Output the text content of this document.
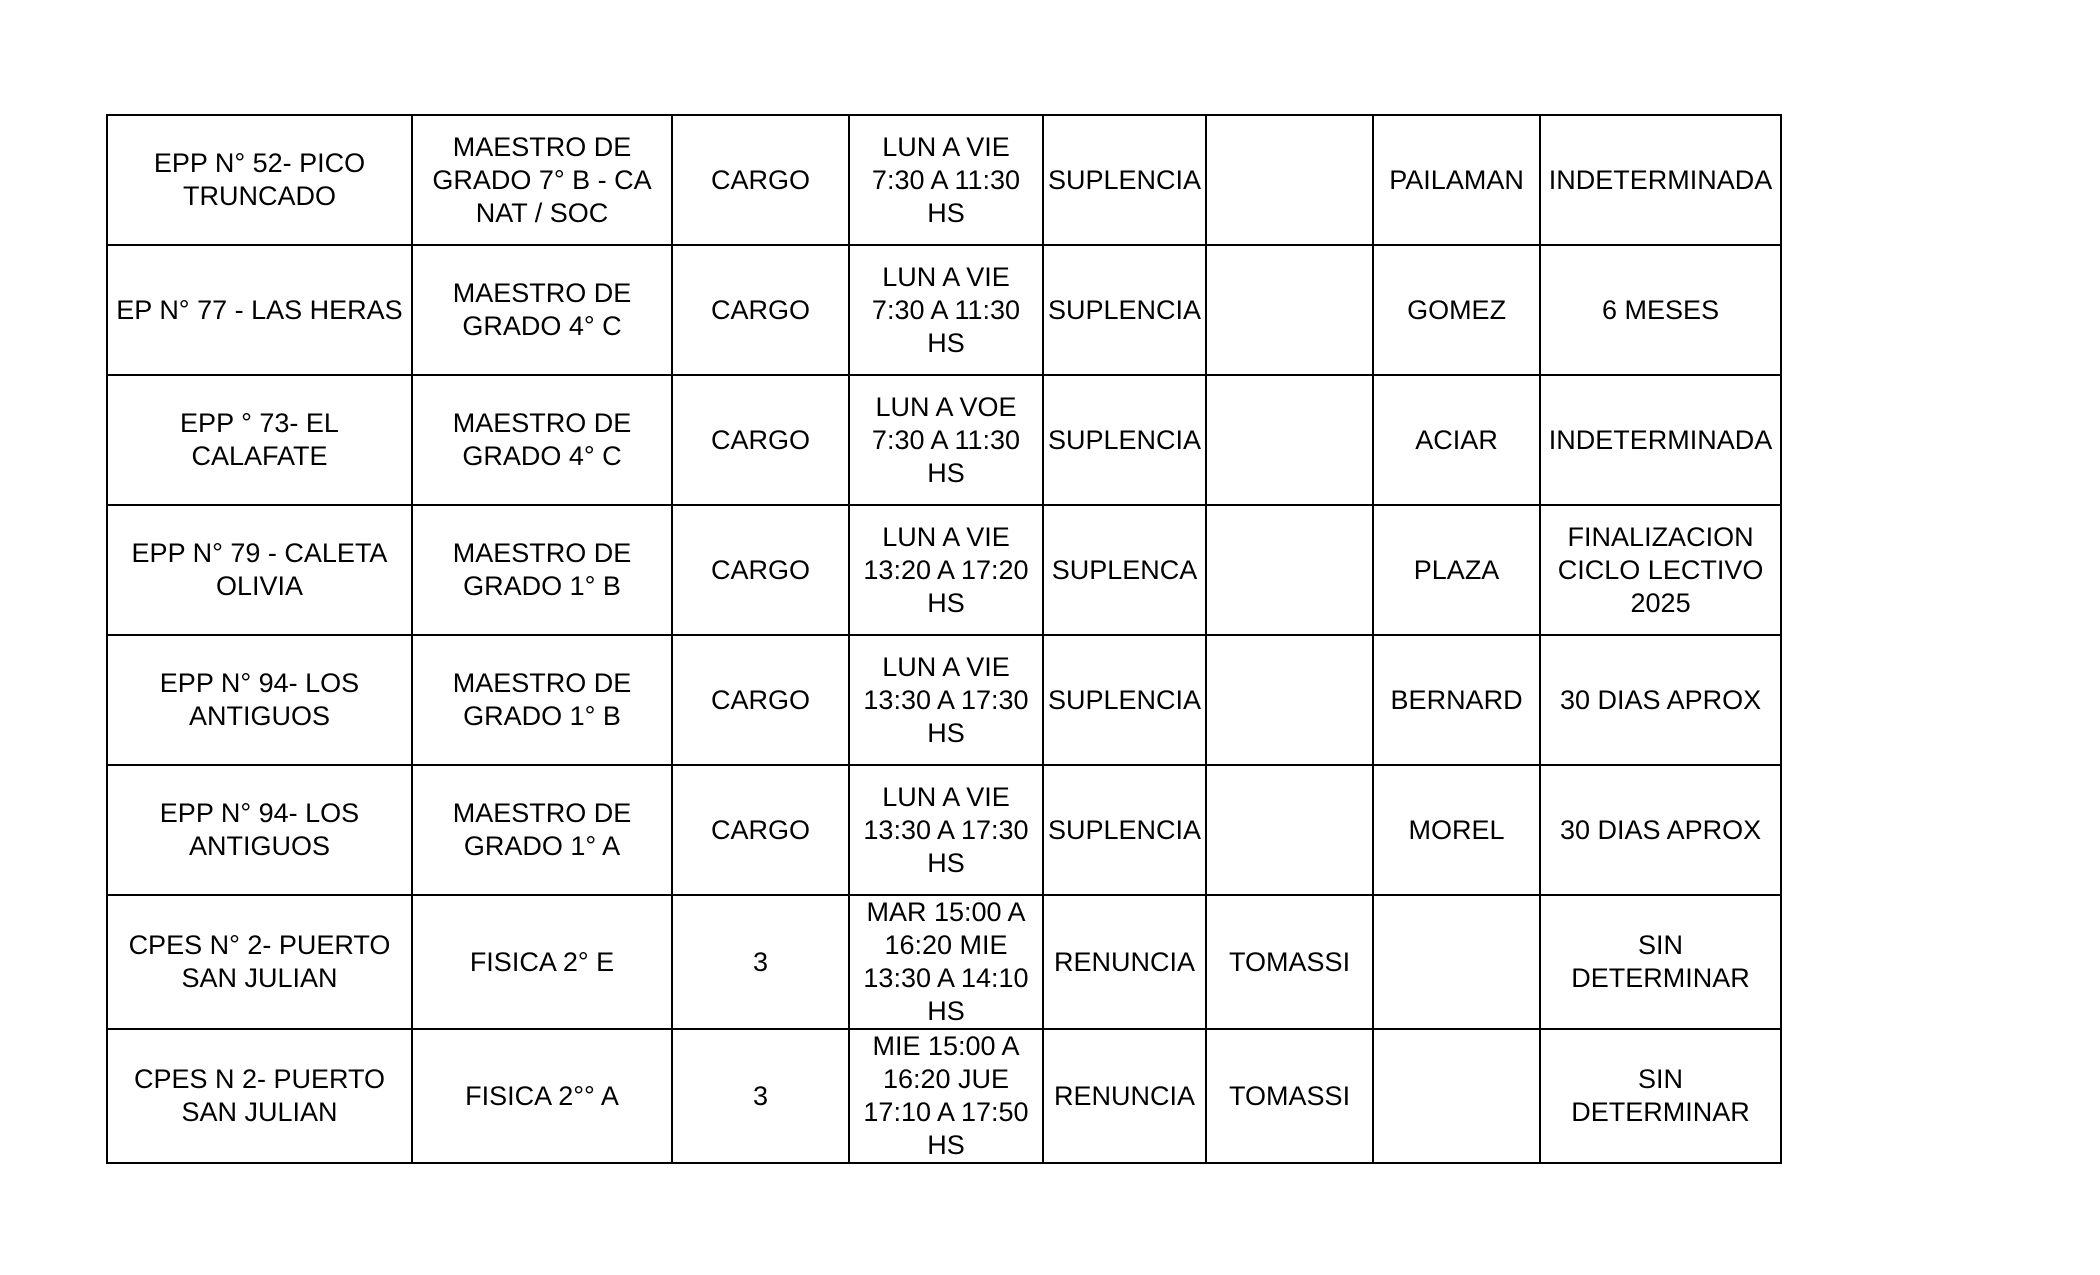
EPP N° 52- PICO TRUNCADO	MAESTRO DE GRADO 7° B - CA NAT / SOC	CARGO	LUN A VIE 7:30 A 11:30 HS	SUPLENCIA		PAILAMAN	INDETERMINADA
EP N° 77 - LAS HERAS	MAESTRO DE GRADO 4° C	CARGO	LUN A VIE 7:30 A 11:30 HS	SUPLENCIA		GOMEZ	6 MESES
EPP ° 73- EL CALAFATE	MAESTRO DE GRADO 4° C	CARGO	LUN A VOE 7:30 A 11:30 HS	SUPLENCIA		ACIAR	INDETERMINADA
EPP N° 79 - CALETA OLIVIA	MAESTRO DE GRADO 1° B	CARGO	LUN A VIE 13:20 A 17:20 HS	SUPLENCA		PLAZA	FINALIZACION CICLO LECTIVO 2025
EPP N° 94- LOS ANTIGUOS	MAESTRO DE GRADO 1° B	CARGO	LUN A VIE 13:30 A 17:30 HS	SUPLENCIA		BERNARD	30 DIAS APROX
EPP N° 94- LOS ANTIGUOS	MAESTRO DE GRADO 1° A	CARGO	LUN A VIE 13:30 A 17:30 HS	SUPLENCIA		MOREL	30 DIAS APROX
CPES N° 2- PUERTO SAN JULIAN	FISICA 2° E	3	MAR 15:00 A 16:20 MIE 13:30 A 14:10 HS	RENUNCIA	TOMASSI		SIN DETERMINAR
CPES N 2- PUERTO SAN JULIAN	FISICA 2°° A	3	MIE 15:00 A 16:20 JUE 17:10 A 17:50 HS	RENUNCIA	TOMASSI		SIN DETERMINAR
